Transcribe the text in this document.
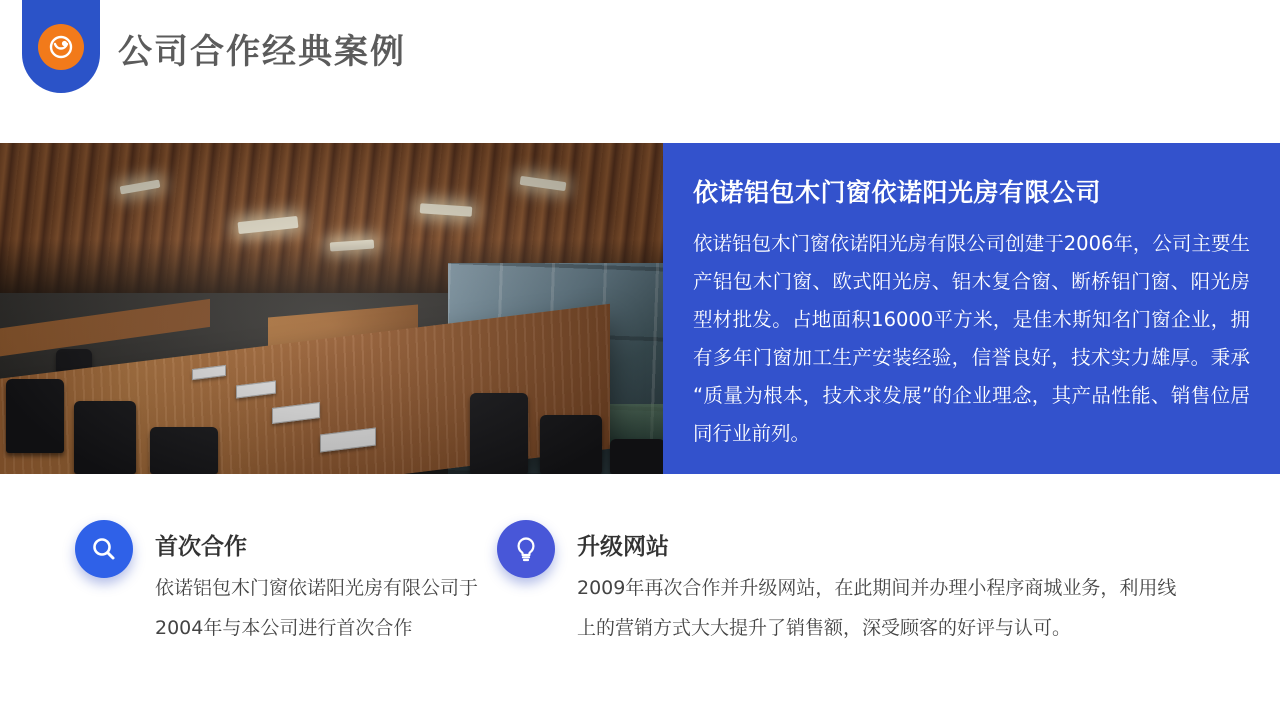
公司合作经典案例
依诺铝包木门窗依诺阳光房有限公司

依诺铝包木门窗依诺阳光房有限公司创建于2006年，公司主要生产铝包木门窗、欧式阳光房、铝木复合窗、断桥铝门窗、阳光房型材批发。占地面积16000平方米，是佳木斯知名门窗企业，拥有多年门窗加工生产安装经验，信誉良好，技术实力雄厚。秉承“质量为根本，技术求发展”的企业理念，其产品性能、销售位居同行业前列。

首次合作
依诺铝包木门窗依诺阳光房有限公司于2004年与本公司进行首次合作
升级网站
2009年再次合作并升级网站，在此期间并办理小程序商城业务，利用线上的营销方式大大提升了销售额，深受顾客的好评与认可。
